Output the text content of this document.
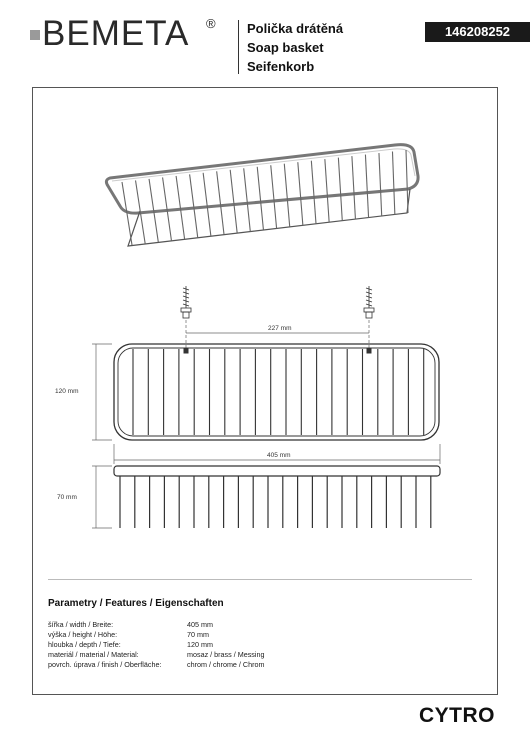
BEMETA ® Polička drátěná
Soap basket
Seifenkorb
146208252
227 mm
120 mm
405 mm
70 mm
Parametry / Features / Eigenschaften
šířka / width / Breite:	405 mm
výška / height / Höhe:	70 mm
hloubka / depth / Tiefe:	120 mm
materiál / material / Material:	mosaz / brass / Messing
povrch. úprava / finish / Oberfläche:	chrom / chrome / Chrom
CYTRO
